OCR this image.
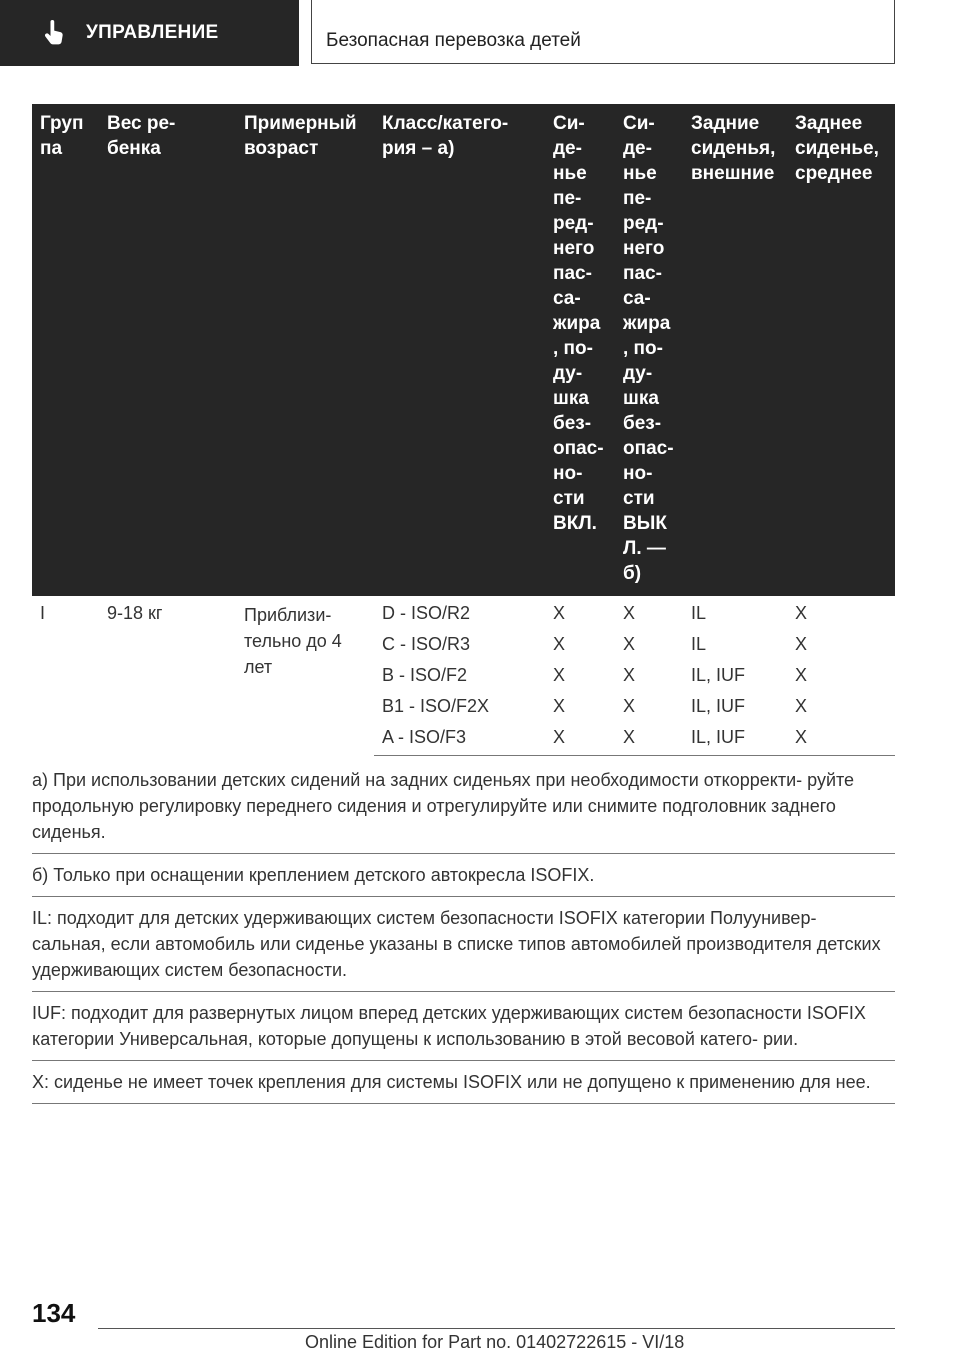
УПРАВЛЕНИЕ	Безопасная перевозка детей
Груп па	Вес ре- бенка	Примерный возраст	Класс/катего- рия – а)	Си- де- нье пе- ред- него пас- са- жира , по- ду- шка без- опас- но- сти ВКЛ.	Си- де- нье пе- ред- него пас- са- жира , по- ду- шка без- опас- но- сти ВЫК Л. — б)	Задние сиденья, внешние	Заднее сиденье, среднее
I	9-18 кг	Приблизи- тельно до 4 лет	D - ISO/R2	X	X	IL	X
			C - ISO/R3	X	X	IL	X
			B - ISO/F2	X	X	IL, IUF	X
			B1 - ISO/F2X	X	X	IL, IUF	X
			A - ISO/F3	X	X	IL, IUF	X
а) При использовании детских сидений на задних сиденьях при необходимости откорректи- руйте продольную регулировку переднего сидения и отрегулируйте или снимите подголовник заднего сиденья.
б) Только при оснащении креплением детского автокресла ISOFIX.
IL: подходит для детских удерживающих систем безопасности ISOFIX категории Полуунивер- сальная, если автомобиль или сиденье указаны в списке типов автомобилей производителя детских удерживающих систем безопасности.
IUF: подходит для развернутых лицом вперед детских удерживающих систем безопасности ISOFIX категории Универсальная, которые допущены к использованию в этой весовой катего- рии.
X: сиденье не имеет точек крепления для системы ISOFIX или не допущено к применению для нее.
134
Online Edition for Part no. 01402722615 - VI/18
